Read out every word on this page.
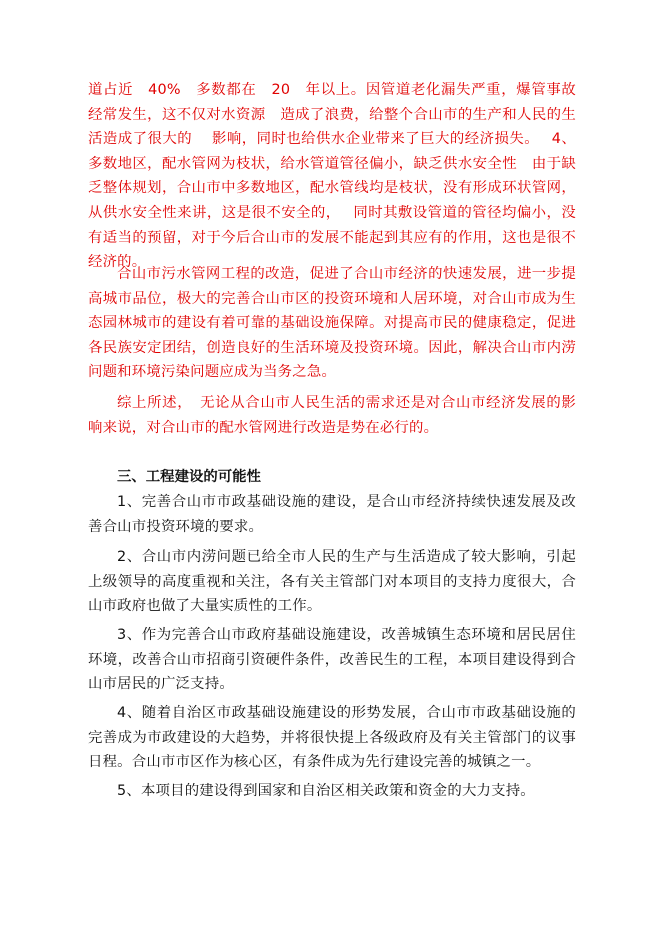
道占近　40%　多数都在　20　年以上。因管道老化漏失严重，爆管事故经常发生，这不仅对水资源　造成了浪费，给整个合山市的生产和人民的生活造成了很大的　 影响，同时也给供水企业带来了巨大的经济损失。　 4、多数地区，配水管网为枝状，给水管道管径偏小，缺乏供水安全性　由于缺乏整体规划，合山市中多数地区，配水管线均是枝状，没有形成环状管网，从供水安全性来讲，这是很不安全的，　 同时其敷设管道的管径均偏小，没有适当的预留，对于今后合山市的发展不能起到其应有的作用，这也是很不经济的。

合山市污水管网工程的改造，促进了合山市经济的快速发展，进一步提高城市品位，极大的完善合山市区的投资环境和人居环境，对合山市成为生态园林城市的建设有着可靠的基础设施保障。对提高市民的健康稳定，促进各民族安定团结，创造良好的生活环境及投资环境。因此，解决合山市内涝问题和环境污染问题应成为当务之急。

综上所述，　无论从合山市人民生活的需求还是对合山市经济发展的影响来说，对合山市的配水管网进行改造是势在必行的。

三、工程建设的可能性

1、完善合山市市政基础设施的建设，是合山市经济持续快速发展及改善合山市投资环境的要求。

2、合山市内涝问题已给全市人民的生产与生活造成了较大影响，引起上级领导的高度重视和关注，各有关主管部门对本项目的支持力度很大，合山市政府也做了大量实质性的工作。

3、作为完善合山市政府基础设施建设，改善城镇生态环境和居民居住环境，改善合山市招商引资硬件条件，改善民生的工程，本项目建设得到合山市居民的广泛支持。

4、随着自治区市政基础设施建设的形势发展，合山市市政基础设施的完善成为市政建设的大趋势，并将很快提上各级政府及有关主管部门的议事日程。合山市市区作为核心区，有条件成为先行建设完善的城镇之一。

5、本项目的建设得到国家和自治区相关政策和资金的大力支持。
